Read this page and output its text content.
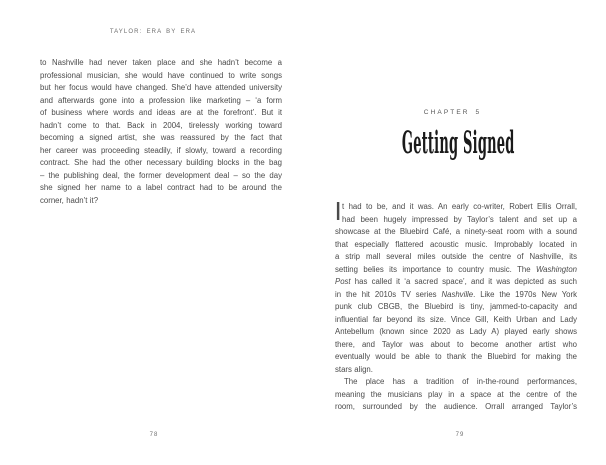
TAYLOR: ERA BY ERA
to Nashville had never taken place and she hadn’t become a
professional musician, she would have continued to write songs
but her focus would have changed. She’d have attended university
and afterwards gone into a profession like marketing – ‘a form
of business where words and ideas are at the forefront’. But it
hadn’t come to that. Back in 2004, tirelessly working toward
becoming a signed artist, she was reassured by the fact that
her career was proceeding steadily, if slowly, toward a recording
contract. She had the other necessary building blocks in the bag
– the publishing deal, the former development deal – so the day
she signed her name to a label contract had to be around the
corner, hadn’t it?
78
CHAPTER 5
Getting Signed
I t had to be, and it was. An early co-writer, Robert Ellis Orrall,
had been hugely impressed by Taylor’s talent and set up a
showcase at the Bluebird Café, a ninety-seat room with a sound
that especially flattered acoustic music. Improbably located in
a strip mall several miles outside the centre of Nashville, its
setting belies its importance to country music. The Washington
Post has called it ‘a sacred space’, and it was depicted as such
in the hit 2010s TV series Nashville. Like the 1970s New York
punk club CBGB, the Bluebird is tiny, jammed-to-capacity and
influential far beyond its size. Vince Gill, Keith Urban and Lady
Antebellum (known since 2020 as Lady A) played early shows
there, and Taylor was about to become another artist who
eventually would be able to thank the Bluebird for making the
stars align.
The place has a tradition of in-the-round performances,
meaning the musicians play in a space at the centre of the
room, surrounded by the audience. Orrall arranged Taylor’s
79
